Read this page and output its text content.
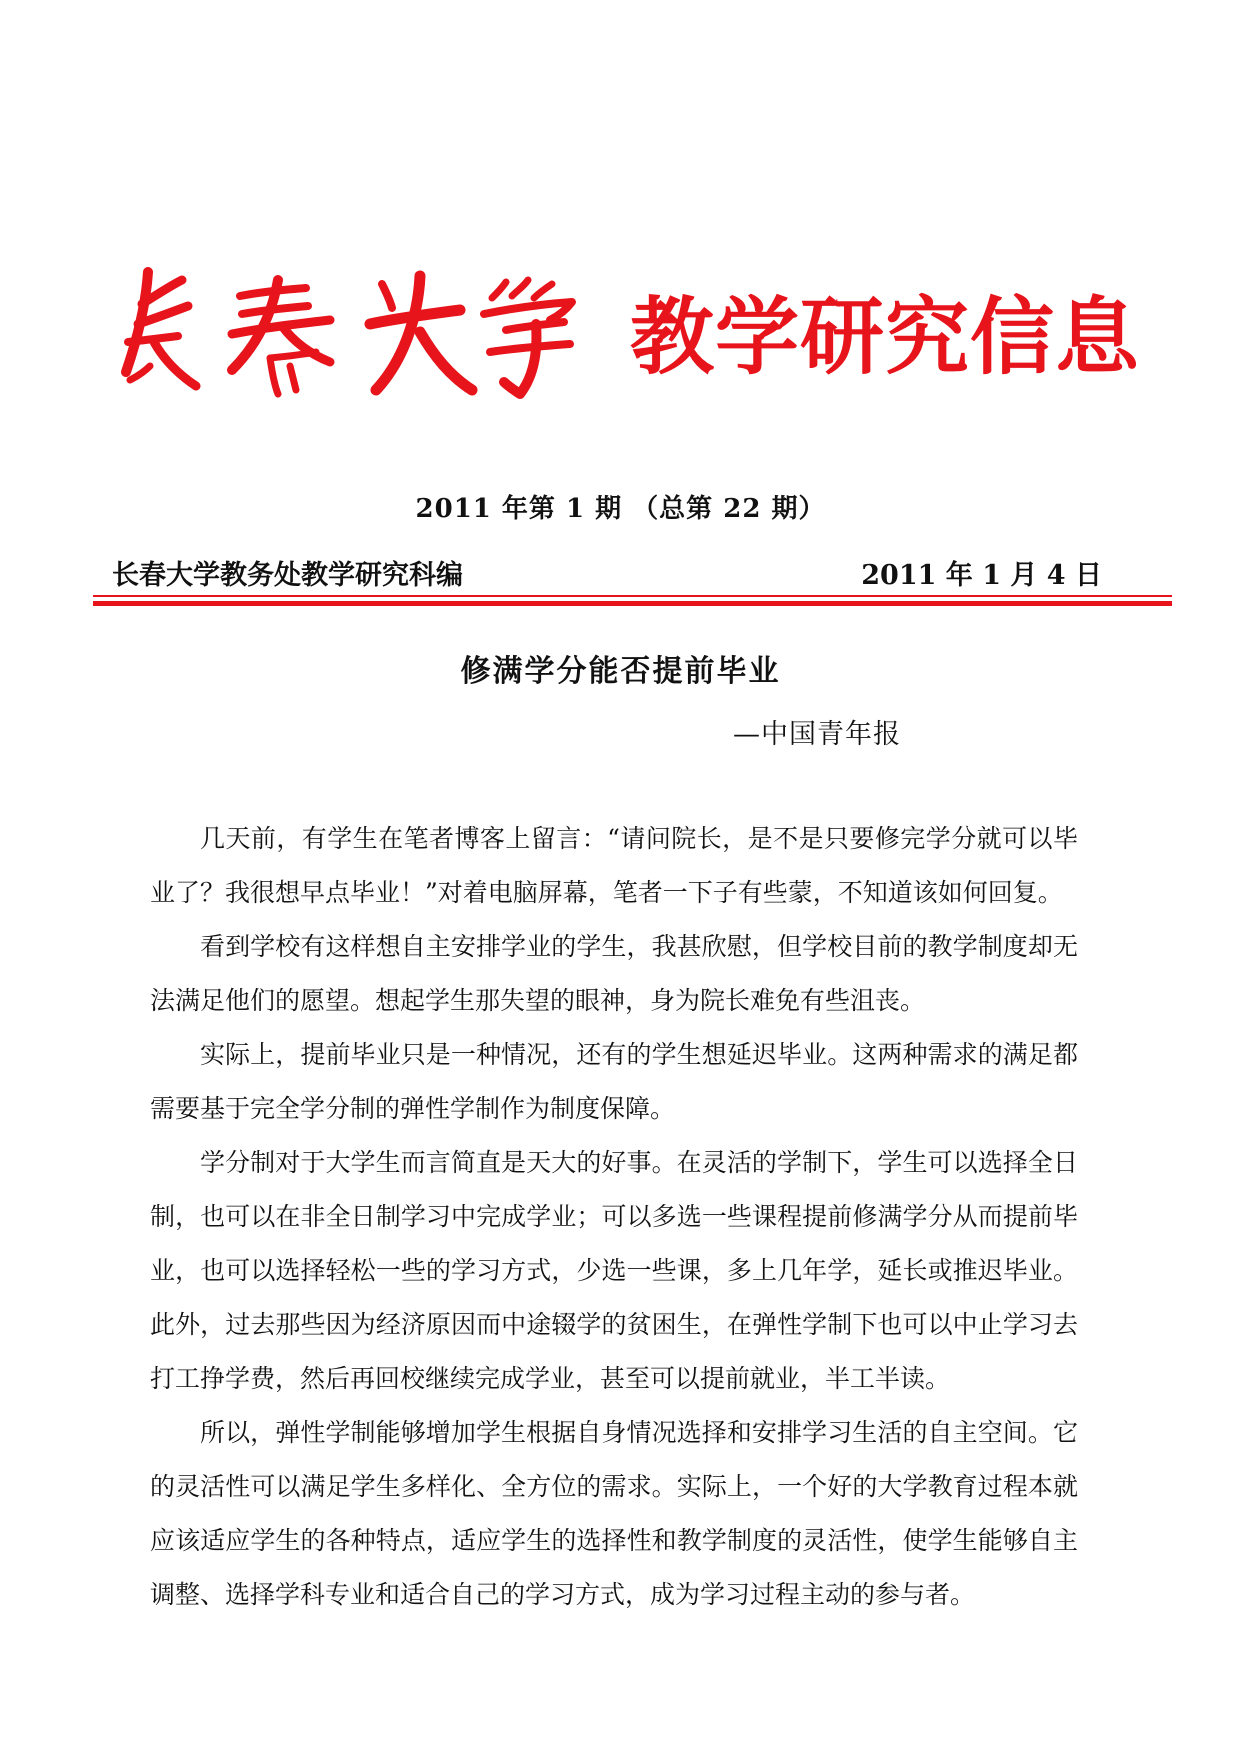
教学研究信息
2011 年第 1 期 （总第 22 期）
长春大学教务处教学研究科编	2011 年 1 月 4 日
修满学分能否提前毕业
—中国青年报

几天前，有学生在笔者博客上留言：“请问院长，是不是只要修完学分就可以毕业了？我很想早点毕业！”对着电脑屏幕，笔者一下子有些蒙，不知道该如何回复。

看到学校有这样想自主安排学业的学生，我甚欣慰，但学校目前的教学制度却无法满足他们的愿望。想起学生那失望的眼神，身为院长难免有些沮丧。

实际上，提前毕业只是一种情况，还有的学生想延迟毕业。这两种需求的满足都需要基于完全学分制的弹性学制作为制度保障。

学分制对于大学生而言简直是天大的好事。在灵活的学制下，学生可以选择全日制，也可以在非全日制学习中完成学业；可以多选一些课程提前修满学分从而提前毕业，也可以选择轻松一些的学习方式，少选一些课，多上几年学，延长或推迟毕业。此外，过去那些因为经济原因而中途辍学的贫困生，在弹性学制下也可以中止学习去打工挣学费，然后再回校继续完成学业，甚至可以提前就业，半工半读。

所以，弹性学制能够增加学生根据自身情况选择和安排学习生活的自主空间。它的灵活性可以满足学生多样化、全方位的需求。实际上，一个好的大学教育过程本就应该适应学生的各种特点，适应学生的选择性和教学制度的灵活性，使学生能够自主调整、选择学科专业和适合自己的学习方式，成为学习过程主动的参与者。
